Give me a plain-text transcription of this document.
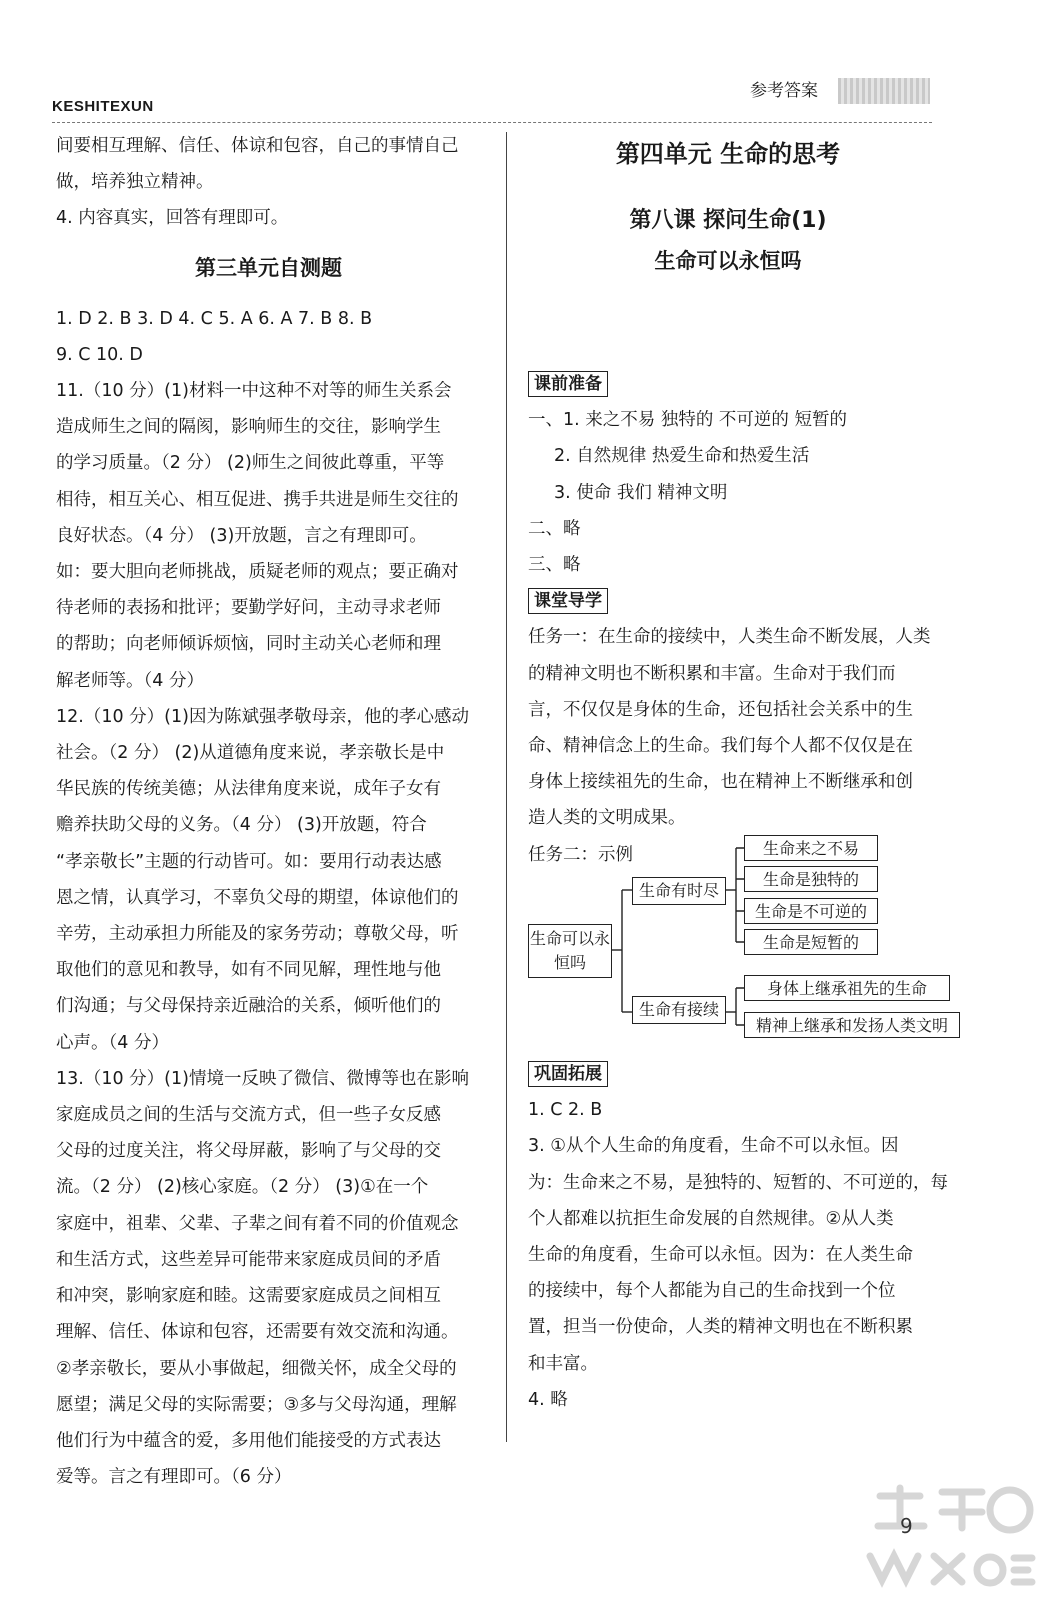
KESHITEXUN
参考答案
间要相互理解、信任、体谅和包容，自己的事情自己
做，培养独立精神。
4. 内容真实，回答有理即可。
第三单元自测题
1. D 2. B 3. D 4. C 5. A 6. A 7. B 8. B
9. C 10. D
11.（10 分）(1)材料一中这种不对等的师生关系会
造成师生之间的隔阂，影响师生的交往，影响学生
的学习质量。（2 分） (2)师生之间彼此尊重，平等
相待，相互关心、相互促进、携手共进是师生交往的
良好状态。（4 分） (3)开放题，言之有理即可。
如：要大胆向老师挑战，质疑老师的观点；要正确对
待老师的表扬和批评；要勤学好问，主动寻求老师
的帮助；向老师倾诉烦恼，同时主动关心老师和理
解老师等。（4 分）
12.（10 分）(1)因为陈斌强孝敬母亲，他的孝心感动
社会。（2 分） (2)从道德角度来说，孝亲敬长是中
华民族的传统美德；从法律角度来说，成年子女有
赡养扶助父母的义务。（4 分） (3)开放题，符合
“孝亲敬长”主题的行动皆可。如：要用行动表达感
恩之情，认真学习，不辜负父母的期望，体谅他们的
辛劳，主动承担力所能及的家务劳动；尊敬父母，听
取他们的意见和教导，如有不同见解，理性地与他
们沟通；与父母保持亲近融洽的关系，倾听他们的
心声。（4 分）
13.（10 分）(1)情境一反映了微信、微博等也在影响
家庭成员之间的生活与交流方式，但一些子女反感
父母的过度关注，将父母屏蔽，影响了与父母的交
流。（2 分） (2)核心家庭。（2 分） (3)①在一个
家庭中，祖辈、父辈、子辈之间有着不同的价值观念
和生活方式，这些差异可能带来家庭成员间的矛盾
和冲突，影响家庭和睦。这需要家庭成员之间相互
理解、信任、体谅和包容，还需要有效交流和沟通。
②孝亲敬长，要从小事做起，细微关怀，成全父母的
愿望；满足父母的实际需要；③多与父母沟通，理解
他们行为中蕴含的爱，多用他们能接受的方式表达
爱等。言之有理即可。（6 分）
第四单元 生命的思考
第八课 探问生命(1)
生命可以永恒吗
课前准备
一、1. 来之不易 独特的 不可逆的 短暂的
2. 自然规律 热爱生命和热爱生活
3. 使命 我们 精神文明
二、略
三、略
课堂导学
任务一：在生命的接续中，人类生命不断发展，人类
的精神文明也不断积累和丰富。生命对于我们而
言，不仅仅是身体的生命，还包括社会关系中的生
命、精神信念上的生命。我们每个人都不仅仅是在
身体上接续祖先的生命，也在精神上不断继承和创
造人类的文明成果。
任务二：示例
生命可以永恒吗
生命有时尽
生命来之不易
生命是独特的
生命是不可逆的
生命是短暂的
生命有接续
身体上继承祖先的生命
精神上继承和发扬人类文明
巩固拓展
1. C 2. B
3. ①从个人生命的角度看，生命不可以永恒。因
为：生命来之不易，是独特的、短暂的、不可逆的，每
个人都难以抗拒生命发展的自然规律。②从人类
生命的角度看，生命可以永恒。因为：在人类生命
的接续中，每个人都能为自己的生命找到一个位
置，担当一份使命，人类的精神文明也在不断积累
和丰富。
4. 略
9
